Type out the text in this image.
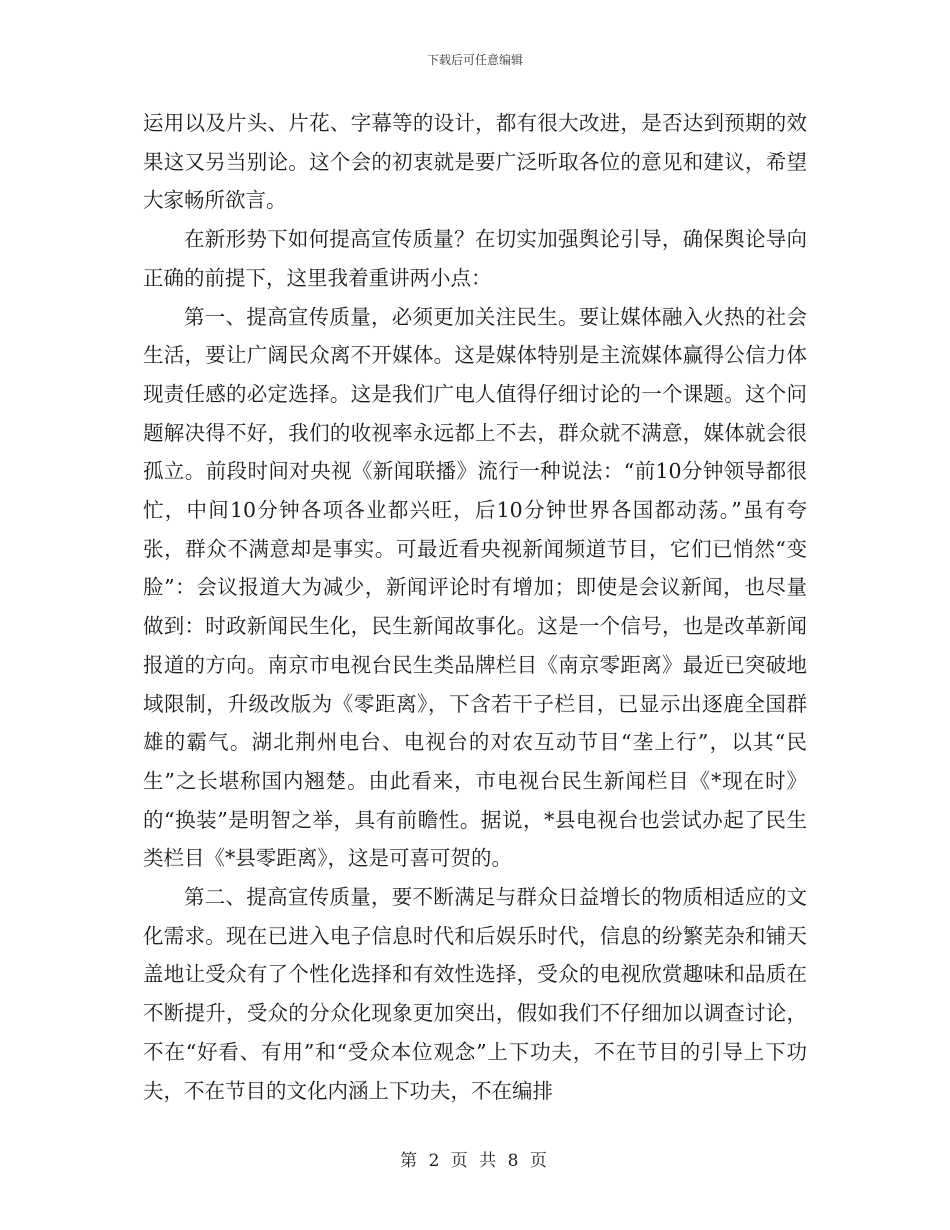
下载后可任意编辑

运用以及片头、片花、字幕等的设计，都有很大改进，是否达到预期的效果这又另当别论。这个会的初衷就是要广泛听取各位的意见和建议，希望大家畅所欲言。

在新形势下如何提高宣传质量？在切实加强舆论引导，确保舆论导向正确的前提下，这里我着重讲两小点：

第一、提高宣传质量，必须更加关注民生。要让媒体融入火热的社会生活，要让广阔民众离不开媒体。这是媒体特别是主流媒体赢得公信力体现责任感的必定选择。这是我们广电人值得仔细讨论的一个课题。这个问题解决得不好，我们的收视率永远都上不去，群众就不满意，媒体就会很孤立。前段时间对央视《新闻联播》流行一种说法：“前10分钟领导都很忙，中间10分钟各项各业都兴旺，后10分钟世界各国都动荡。”虽有夸张，群众不满意却是事实。可最近看央视新闻频道节目，它们已悄然“变脸”：会议报道大为减少，新闻评论时有增加；即使是会议新闻，也尽量做到：时政新闻民生化，民生新闻故事化。这是一个信号，也是改革新闻报道的方向。南京市电视台民生类品牌栏目《南京零距离》最近已突破地域限制，升级改版为《零距离》，下含若干子栏目，已显示出逐鹿全国群雄的霸气。湖北荆州电台、电视台的对农互动节目“垄上行”，以其“民生”之长堪称国内翘楚。由此看来，市电视台民生新闻栏目《*现在时》的“换装”是明智之举，具有前瞻性。据说，*县电视台也尝试办起了民生类栏目《*县零距离》，这是可喜可贺的。

第二、提高宣传质量，要不断满足与群众日益增长的物质相适应的文化需求。现在已进入电子信息时代和后娱乐时代，信息的纷繁芜杂和铺天盖地让受众有了个性化选择和有效性选择，受众的电视欣赏趣味和品质在不断提升，受众的分众化现象更加突出，假如我们不仔细加以调查讨论，不在“好看、有用”和“受众本位观念”上下功夫，不在节目的引导上下功夫，不在节目的文化内涵上下功夫，不在编排

第 2 页 共 8 页
